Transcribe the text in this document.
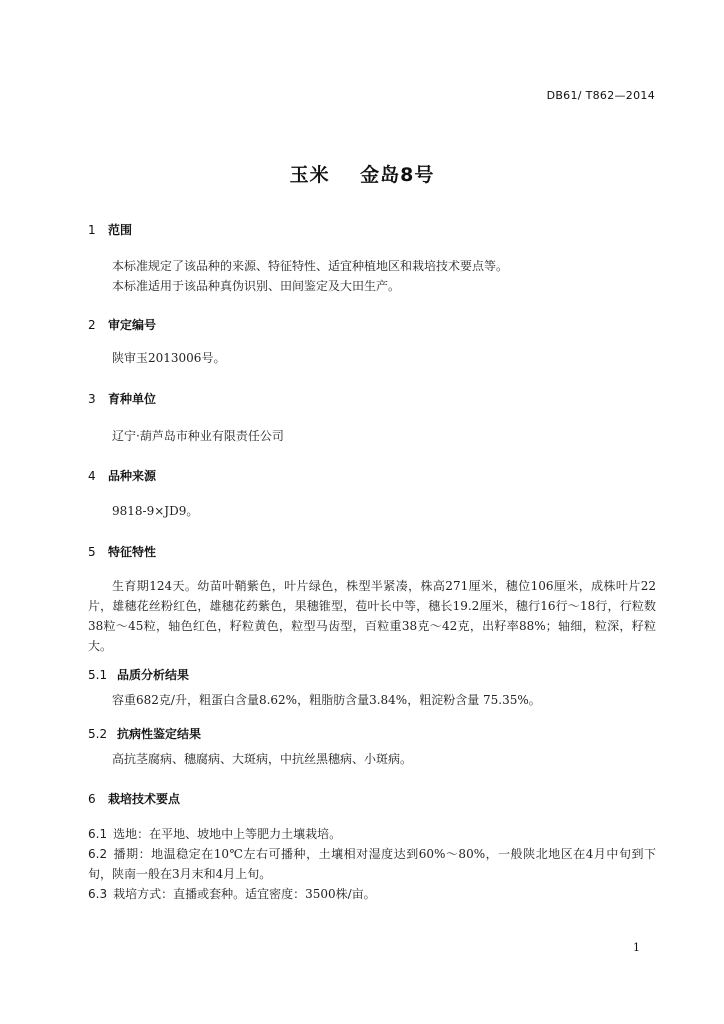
DB61/ T862—2014
玉米    金岛8号
1 范围
本标准规定了该品种的来源、特征特性、适宜种植地区和栽培技术要点等。
本标准适用于该品种真伪识别、田间鉴定及大田生产。
2 审定编号
陕审玉2013006号。
3 育种单位
辽宁·葫芦岛市种业有限责任公司
4 品种来源
9818-9×JD9。
5 特征特性
生育期124天。幼苗叶鞘紫色，叶片绿色，株型半紧凑，株高271厘米，穗位106厘米，成株叶片22片，雄穗花丝粉红色，雄穗花药紫色，果穗锥型，苞叶长中等，穗长19.2厘米，穗行16行～18行，行粒数38粒～45粒，轴色红色，籽粒黄色，粒型马齿型，百粒重38克～42克，出籽率88%；轴细，粒深，籽粒大。
5.1 品质分析结果
容重682克/升，粗蛋白含量8.62%，粗脂肪含量3.84%，粗淀粉含量 75.35%。
5.2 抗病性鉴定结果
高抗茎腐病、穗腐病、大斑病，中抗丝黑穗病、小斑病。
6 栽培技术要点
6.1 选地：在平地、坡地中上等肥力土壤栽培。
6.2 播期：地温稳定在10℃左右可播种，土壤相对湿度达到60%～80%，一般陕北地区在4月中旬到下旬，陕南一般在3月末和4月上旬。
6.3 栽培方式：直播或套种。适宜密度：3500株/亩。
1
